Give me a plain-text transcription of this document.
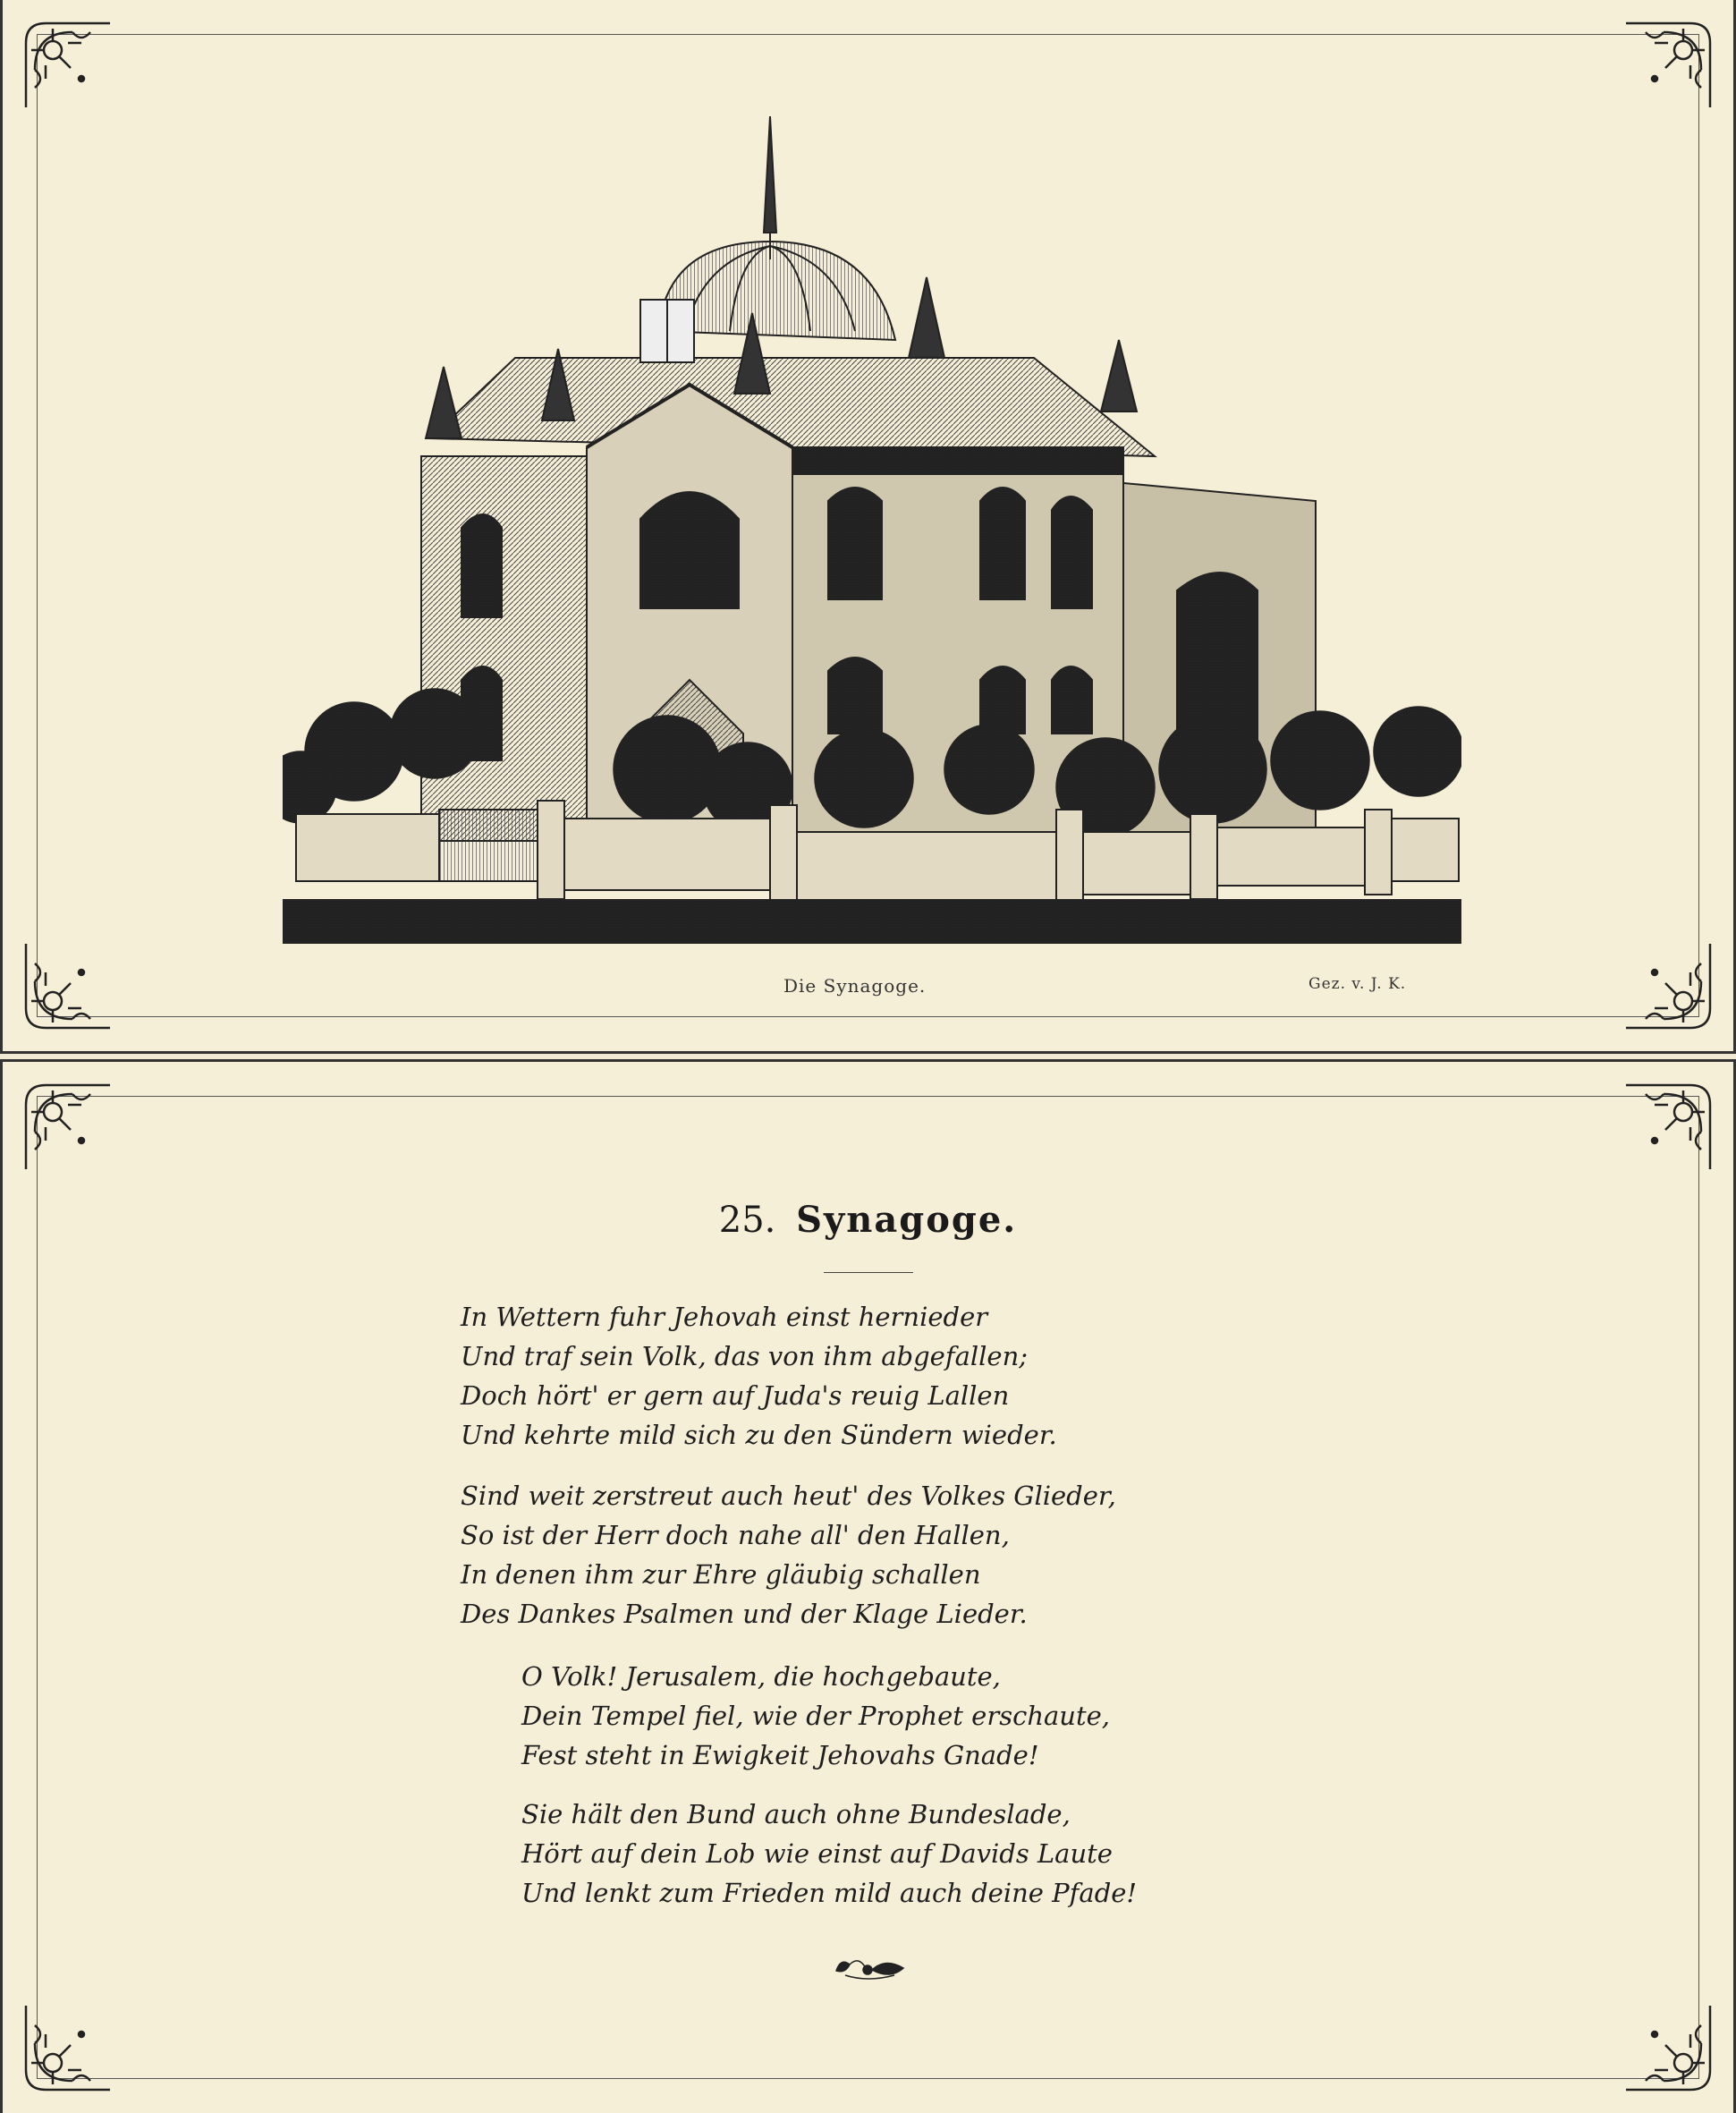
Die Synagoge.	Gez. v. J. K.
25. Synagoge.
In Wettern fuhr Jehovah einst hernieder
Und traf sein Volk, das von ihm abgefallen;
Doch hört' er gern auf Juda's reuig Lallen
Und kehrte mild sich zu den Sündern wieder.
Sind weit zerstreut auch heut' des Volkes Glieder,
So ist der Herr doch nahe all' den Hallen,
In denen ihm zur Ehre gläubig schallen
Des Dankes Psalmen und der Klage Lieder.
O Volk! Jerusalem, die hochgebaute,
Dein Tempel fiel, wie der Prophet erschaute,
Fest steht in Ewigkeit Jehovahs Gnade!
Sie hält den Bund auch ohne Bundeslade,
Hört auf dein Lob wie einst auf Davids Laute
Und lenkt zum Frieden mild auch deine Pfade!
